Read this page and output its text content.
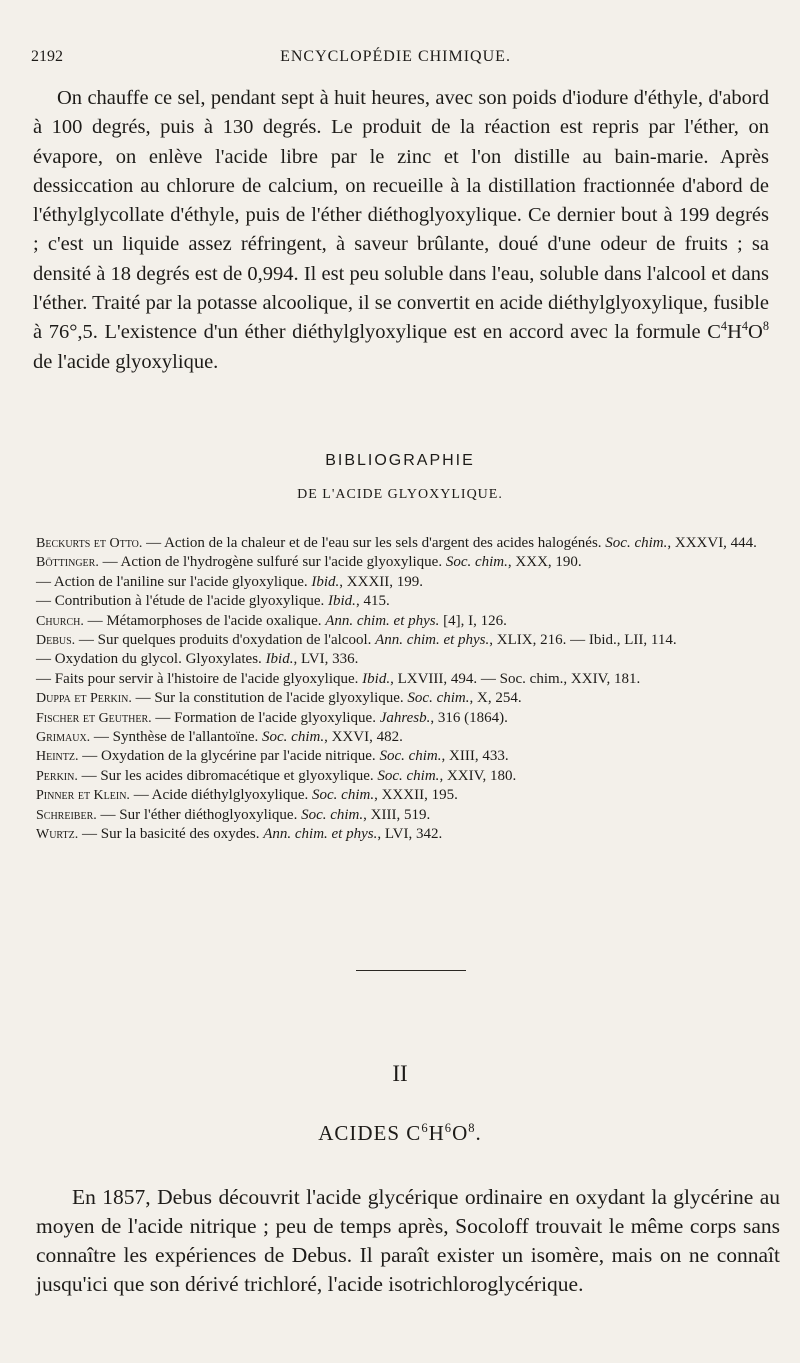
2192	ENCYCLOPÉDIE CHIMIQUE.

On chauffe ce sel, pendant sept à huit heures, avec son poids d'iodure d'éthyle, d'abord à 100 degrés, puis à 130 degrés. Le produit de la réaction est repris par l'éther, on évapore, on enlève l'acide libre par le zinc et l'on distille au bain-marie. Après dessiccation au chlorure de calcium, on recueille à la distillation fractionnée d'abord de l'éthylglycollate d'éthyle, puis de l'éther diéthoglyoxylique. Ce dernier bout à 199 degrés ; c'est un liquide assez réfringent, à saveur brûlante, doué d'une odeur de fruits ; sa densité à 18 degrés est de 0,994. Il est peu soluble dans l'eau, soluble dans l'alcool et dans l'éther. Traité par la potasse alcoolique, il se convertit en acide diéthylglyoxylique, fusible à 76°,5. L'existence d'un éther diéthylglyoxylique est en accord avec la formule $C^4H^4O^8$ de l'acide glyoxylique.

BIBLIOGRAPHIE
DE L'ACIDE GLYOXYLIQUE.
Beckurts et Otto. — Action de la chaleur et de l'eau sur les sels d'argent des acides halogénés. Soc. chim., XXXVI, 444.
Böttinger. — Action de l'hydrogène sulfuré sur l'acide glyoxylique. Soc. chim., XXX, 190.
— Action de l'aniline sur l'acide glyoxylique. Ibid., XXXII, 199.
— Contribution à l'étude de l'acide glyoxylique. Ibid., 415.
Church. — Métamorphoses de l'acide oxalique. Ann. chim. et phys. [4], I, 126.
Debus. — Sur quelques produits d'oxydation de l'alcool. Ann. chim. et phys., XLIX, 216. — Ibid., LII, 114.
— Oxydation du glycol. Glyoxylates. Ibid., LVI, 336.
— Faits pour servir à l'histoire de l'acide glyoxylique. Ibid., LXVIII, 494. — Soc. chim., XXIV, 181.
Duppa et Perkin. — Sur la constitution de l'acide glyoxylique. Soc. chim., X, 254.
Fischer et Geuther. — Formation de l'acide glyoxylique. Jahresb., 316 (1864).
Grimaux. — Synthèse de l'allantoïne. Soc. chim., XXVI, 482.
Heintz. — Oxydation de la glycérine par l'acide nitrique. Soc. chim., XIII, 433.
Perkin. — Sur les acides dibromacétique et glyoxylique. Soc. chim., XXIV, 180.
Pinner et Klein. — Acide diéthylglyoxylique. Soc. chim., XXXII, 195.
Schreiber. — Sur l'éther diéthoglyoxylique. Soc. chim., XIII, 519.
Wurtz. — Sur la basicité des oxydes. Ann. chim. et phys., LVI, 342.
II
ACIDES $C^6H^6O^8$.

En 1857, Debus découvrit l'acide glycérique ordinaire en oxydant la glycérine au moyen de l'acide nitrique ; peu de temps après, Socoloff trouvait le même corps sans connaître les expériences de Debus. Il paraît exister un isomère, mais on ne connaît jusqu'ici que son dérivé trichloré, l'acide isotrichloroglycérique.
